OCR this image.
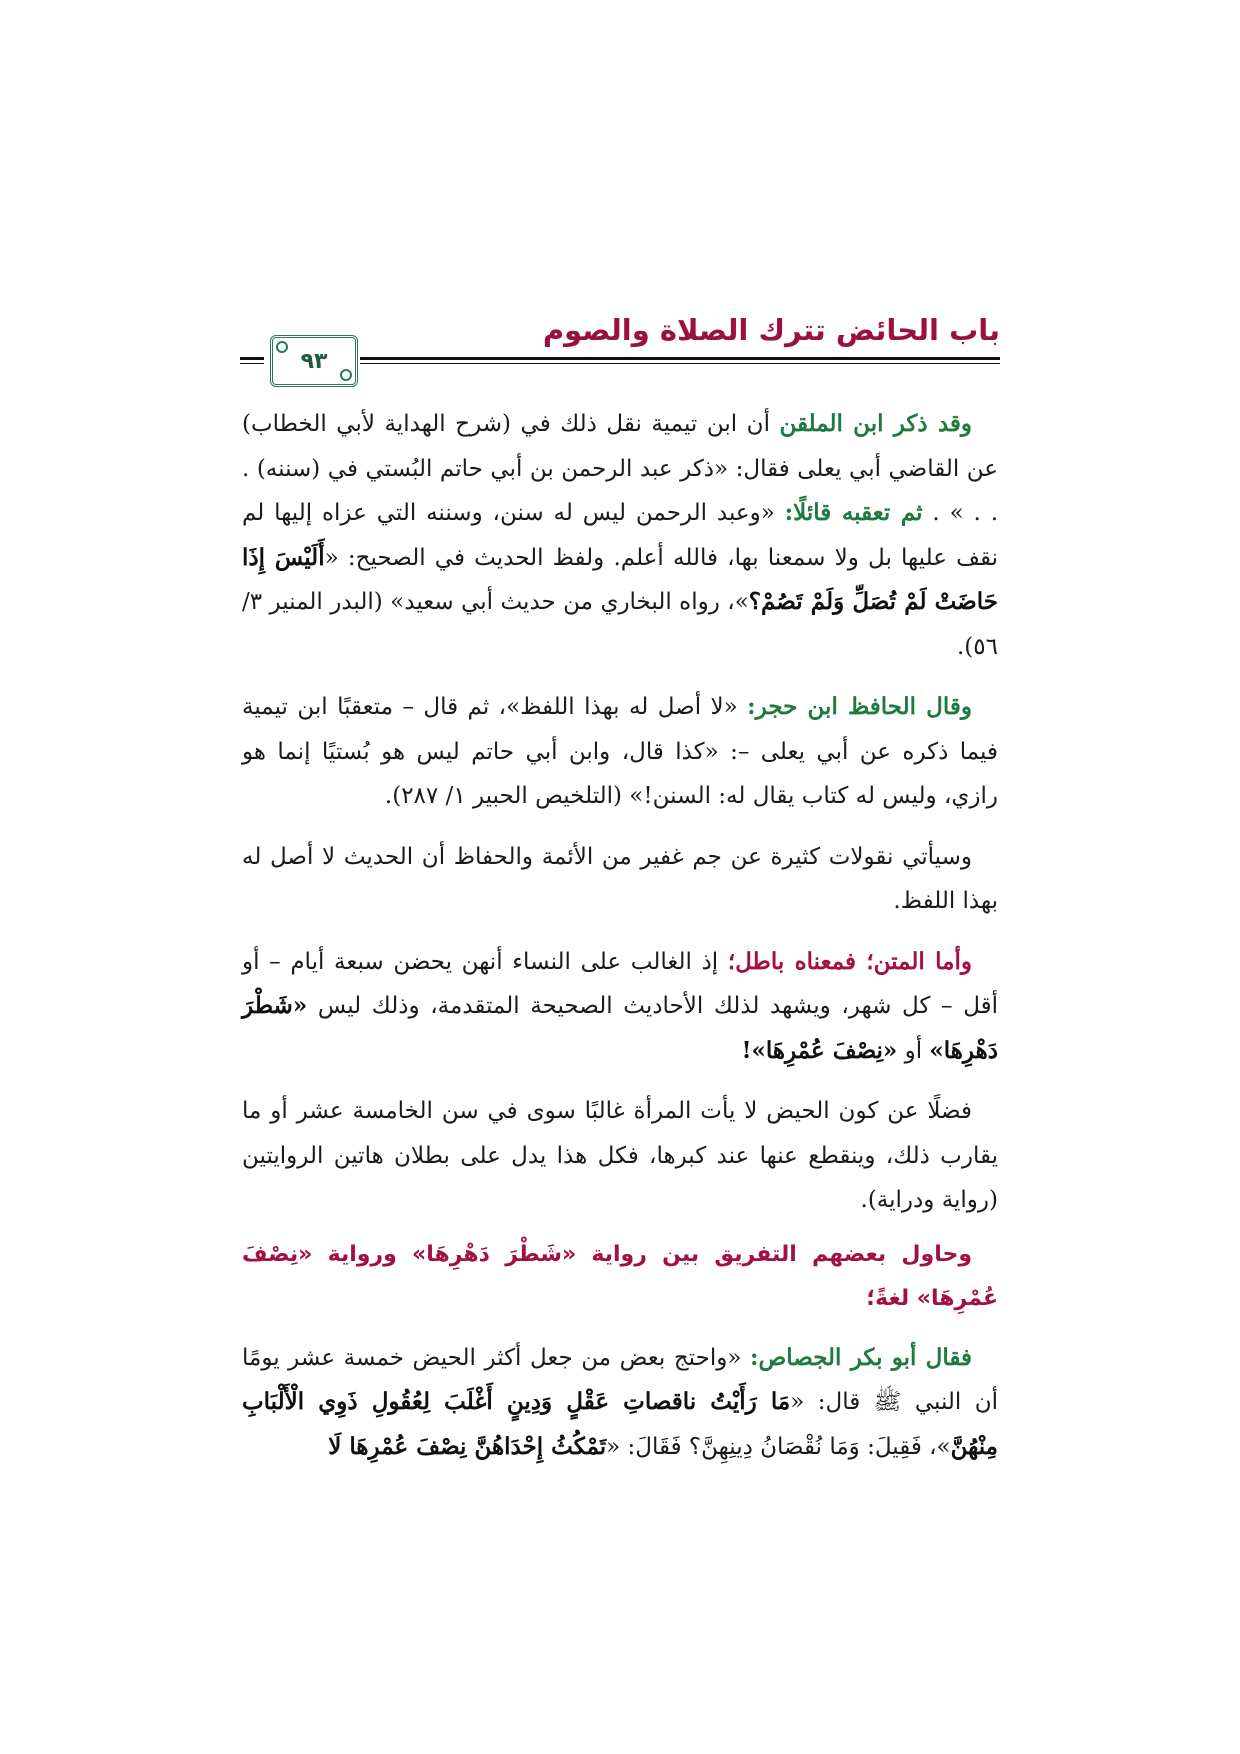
باب الحائض تترك الصلاة والصوم
٩٣

وقد ذكر ابن الملقن أن ابن تيمية نقل ذلك في (شرح الهداية لأبي الخطاب) عن القاضي أبي يعلى فقال: «ذكر عبد الرحمن بن أبي حاتم البُستي في (سننه) . . . » . ثم تعقبه قائلًا: «وعبد الرحمن ليس له سنن، وسننه التي عزاه إليها لم نقف عليها بل ولا سمعنا بها، فالله أعلم. ولفظ الحديث في الصحيح: «أَلَيْسَ إِذَا حَاضَتْ لَمْ تُصَلِّ وَلَمْ تَصُمْ؟»، رواه البخاري من حديث أبي سعيد» (البدر المنير ٣/ ٥٦).

وقال الحافظ ابن حجر: «لا أصل له بهذا اللفظ»، ثم قال – متعقبًا ابن تيمية فيما ذكره عن أبي يعلى –: «كذا قال، وابن أبي حاتم ليس هو بُستيًا إنما هو رازي، وليس له كتاب يقال له: السنن!» (التلخيص الحبير ١/ ٢٨٧).

وسيأتي نقولات كثيرة عن جم غفير من الأئمة والحفاظ أن الحديث لا أصل له بهذا اللفظ.

وأما المتن؛ فمعناه باطل؛ إذ الغالب على النساء أنهن يحضن سبعة أيام – أو أقل – كل شهر، ويشهد لذلك الأحاديث الصحيحة المتقدمة، وذلك ليس «شَطْرَ دَهْرِهَا» أو «نِصْفَ عُمْرِهَا»!

فضلًا عن كون الحيض لا يأت المرأة غالبًا سوى في سن الخامسة عشر أو ما يقارب ذلك، وينقطع عنها عند كبرها، فكل هذا يدل على بطلان هاتين الروايتين (رواية ودراية).

وحاول بعضهم التفريق بين رواية «شَطْرَ دَهْرِهَا» ورواية «نِصْفَ عُمْرِهَا» لغةً؛

فقال أبو بكر الجصاص: «واحتج بعض من جعل أكثر الحيض خمسة عشر يومًا أن النبي ﷺ قال: «مَا رَأَيْتُ ناقصاتِ عَقْلٍ وَدِينٍ أَغْلَبَ لِعُقُولِ ذَوِي الْأَلْبَابِ مِنْهُنَّ»، فَقِيلَ: وَمَا نُقْصَانُ دِينِهِنَّ؟ فَقَالَ: «تَمْكُثُ إِحْدَاهُنَّ نِصْفَ عُمْرِهَا لَا
